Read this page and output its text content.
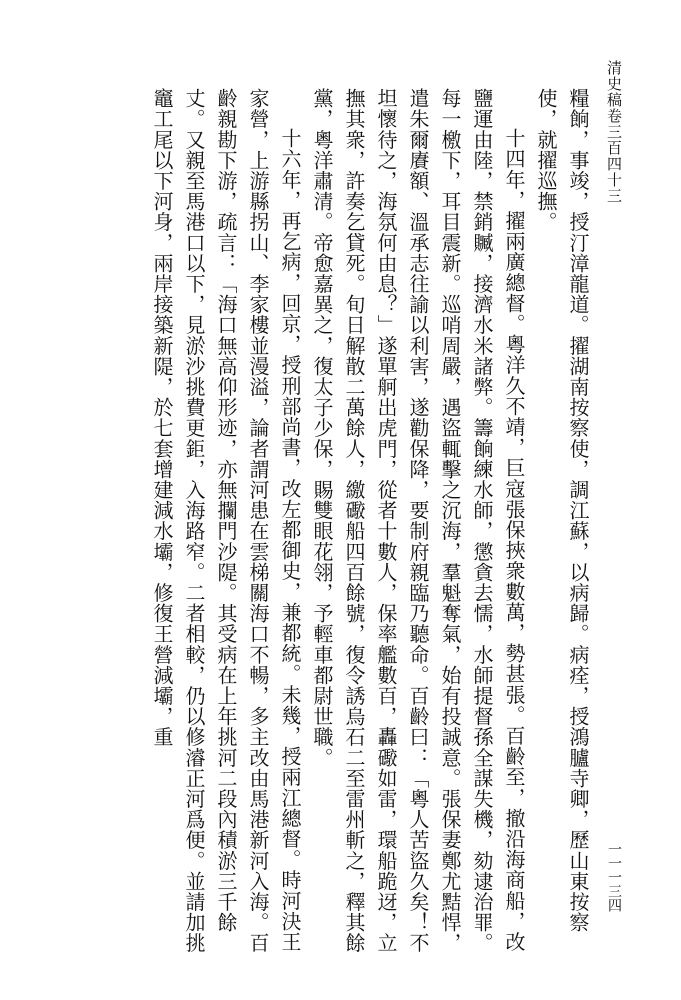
清史稿卷三百四十三
一一一三四

糧餉，事竣，授汀漳龍道。擢湖南按察使，調江蘇，以病歸。病痊，授鴻臚寺卿，歷山東按察使，就擢巡撫。

十四年，擢兩廣總督。粵洋久不靖，巨寇張保挾衆數萬，勢甚張。百齡至，撤沿海商船，改鹽運由陸，禁銷贓，接濟水米諸弊。籌餉練水師，懲貪去懦，水師提督孫全謀失機，劾逮治罪。每一檄下，耳目震新。巡哨周嚴，遇盜輒擊之沉海，羣魁奪氣，始有投誠意。張保妻鄭尤黠悍，遣朱爾賡額、溫承志往諭以利害，遂勸保降，要制府親臨乃聽命。百齡曰：「粵人苦盜久矣！不坦懷待之，海氛何由息？」遂單舸出虎門，從者十數人，保率艦數百，轟礮如雷，環船跪迓，立撫其衆，許奏乞貸死。旬日解散二萬餘人，繳礮船四百餘號，復令誘烏石二至雷州斬之，釋其餘黨，粵洋肅清。帝愈嘉異之，復太子少保，賜雙眼花翎，予輕車都尉世職。

十六年，再乞病，回京，授刑部尚書，改左都御史，兼都統。未幾，授兩江總督。時河決王家營，上游縣拐山、李家樓並漫溢，論者謂河患在雲梯關海口不暢，多主改由馬港新河入海。百齡親勘下游，疏言：「海口無高仰形迹，亦無攔門沙隄。其受病在上年挑河二段內積淤三千餘丈。又親至馬港口以下，見淤沙挑費更鉅，入海路窄。二者相較，仍以修濬正河爲便。並請加挑竈工尾以下河身，兩岸接築新隄，於七套增建減水壩，修復王營減壩，重
